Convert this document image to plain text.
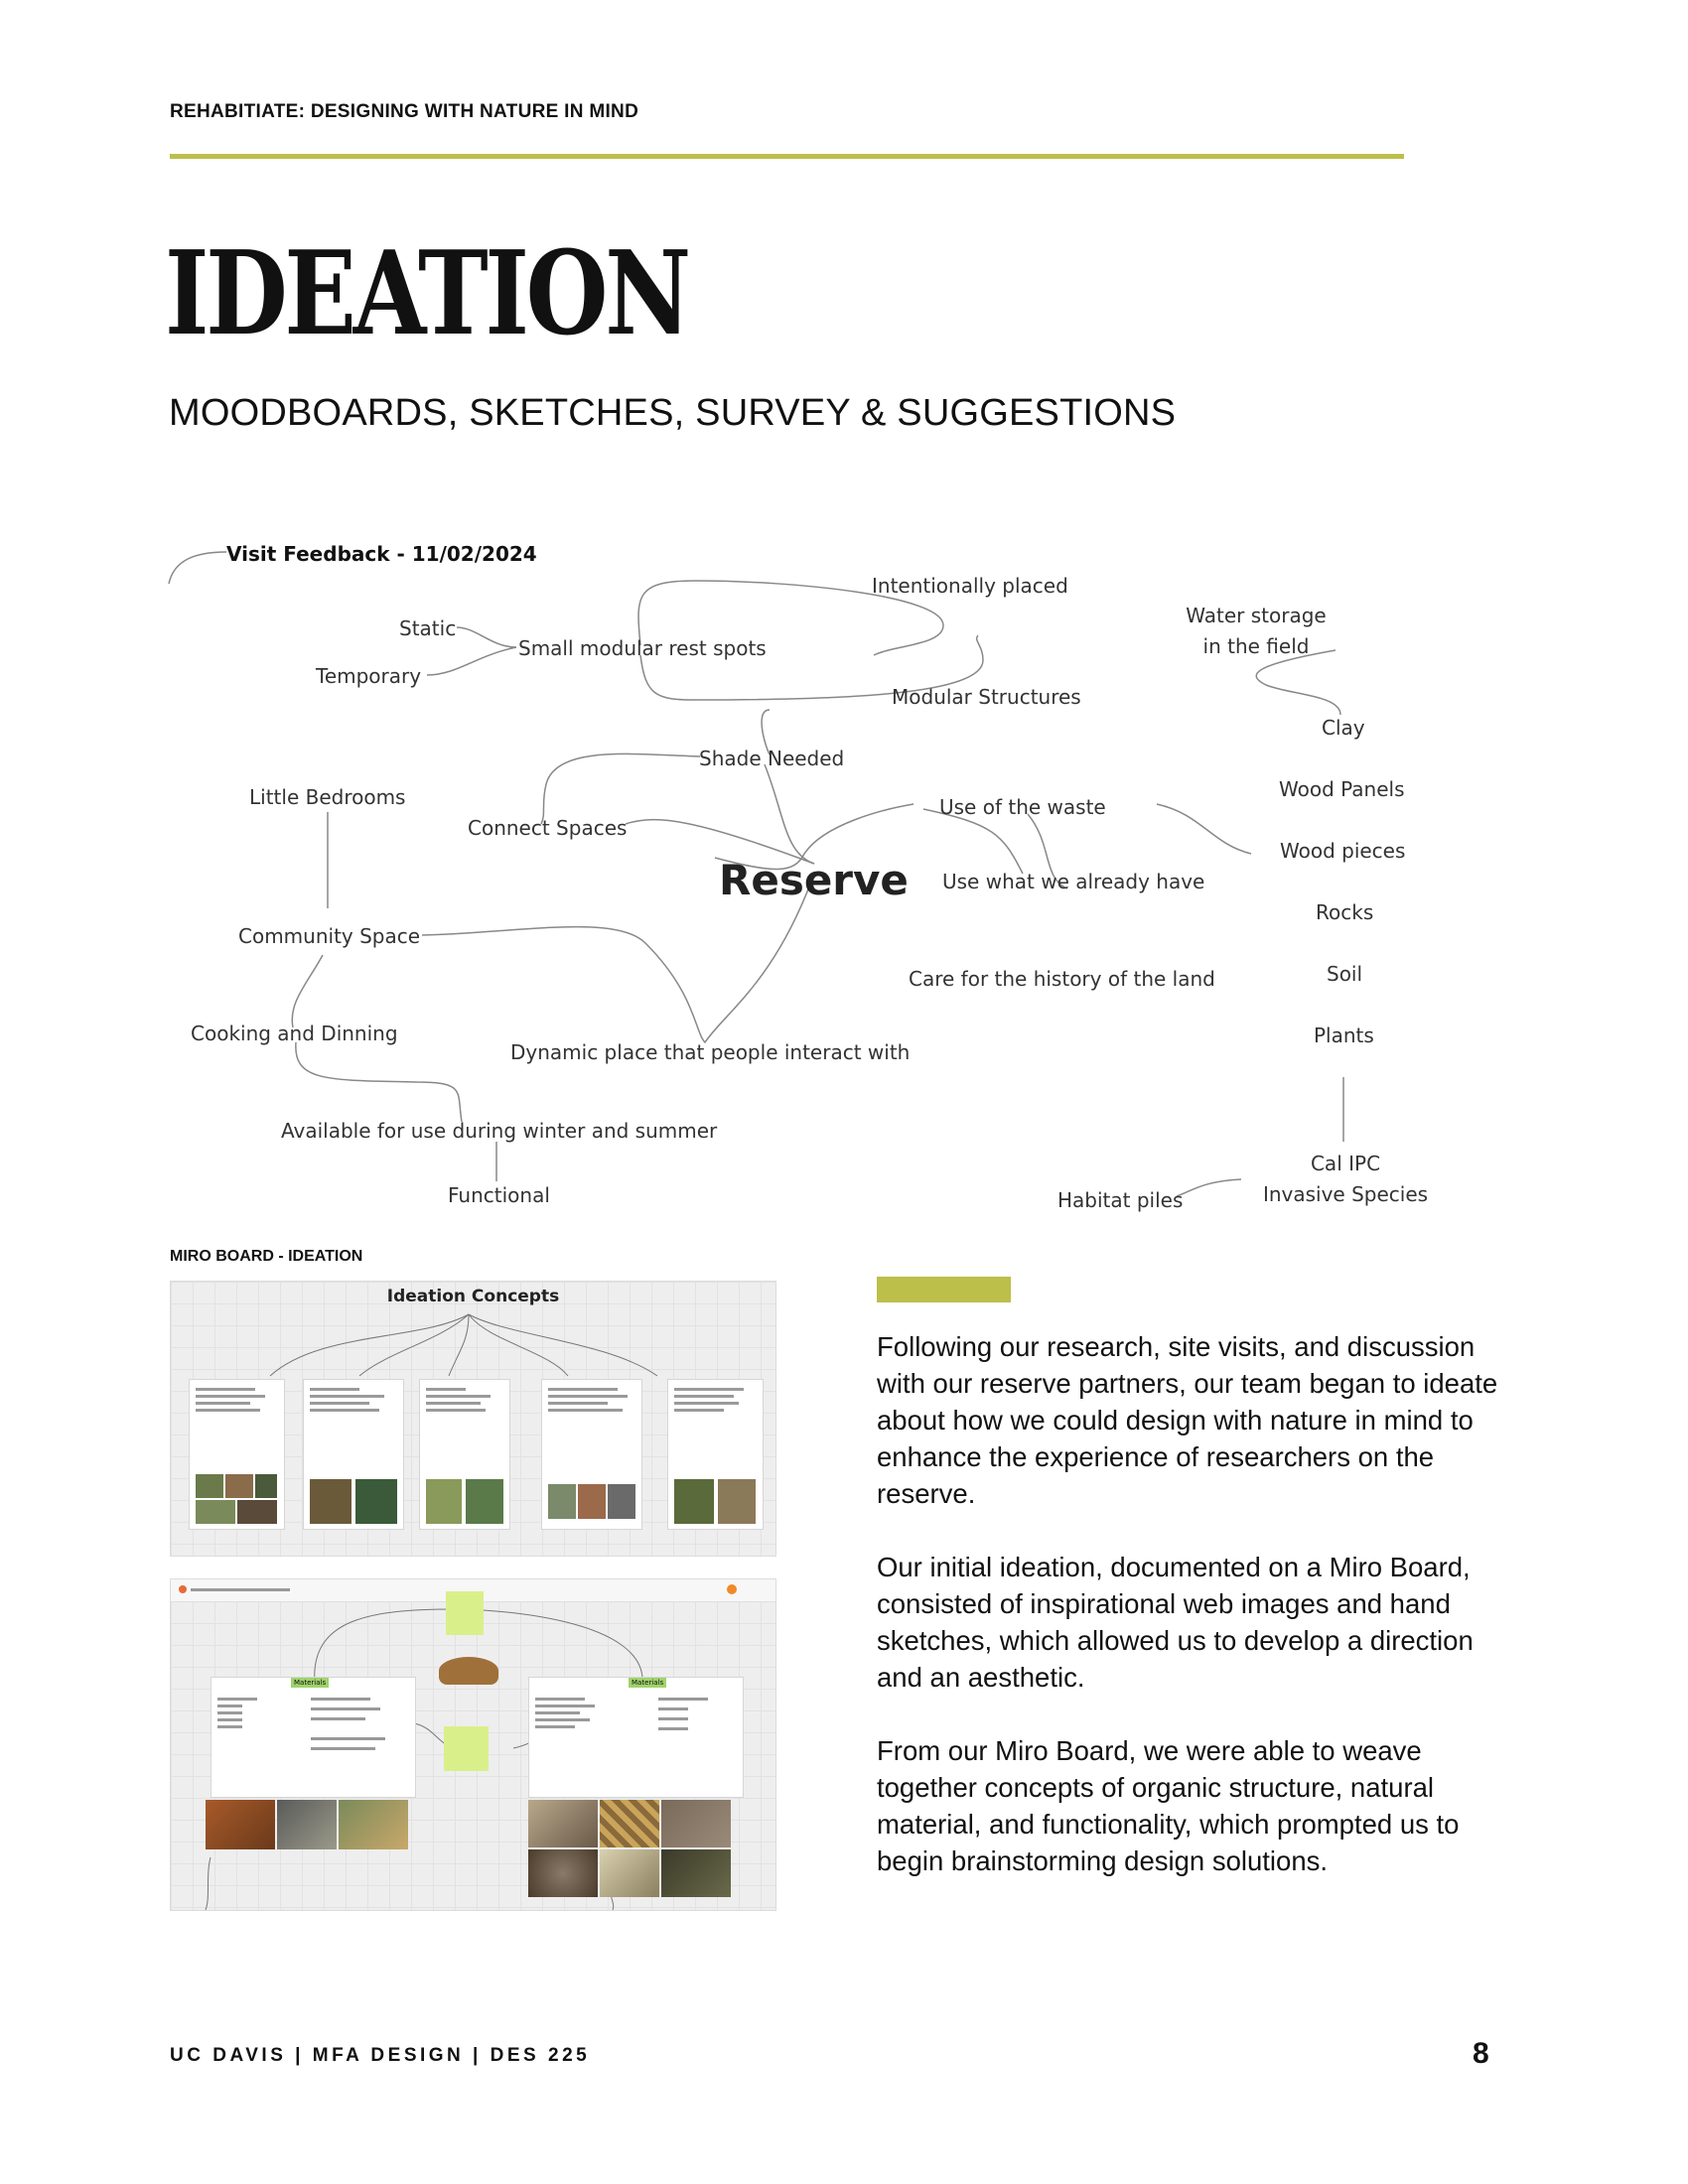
REHABITIATE: DESIGNING WITH NATURE IN MIND
IDEATION
MOODBOARDS, SKETCHES, SURVEY & SUGGESTIONS
Visit Feedback - 11/02/2024
Intentionally placed
Water storage
in the field
Static
Small modular rest spots
Temporary
Modular Structures
Clay
Shade Needed
Little Bedrooms	Wood Panels
Use of the waste
Connect Spaces
Wood pieces
Reserve Use what we already have
Rocks
Community Space
Soil
Care for the history of the land
Plants
Cooking and Dinning
Dynamic place that people interact with
Available for use during winter and summer
Cal IPC
Invasive Species
Habitat piles
Functional
MIRO BOARD - IDEATION
Ideation Concepts
Materials	Materials

Following our research, site visits, and discussion with our reserve partners, our team began to ideate about how we could design with nature in mind to enhance the experience of researchers on the reserve.

Our initial ideation, documented on a Miro Board, consisted of inspirational web images and hand sketches, which allowed us to develop a direction and an aesthetic.

From our Miro Board, we were able to weave together concepts of organic structure, natural material, and functionality, which prompted us to begin brainstorming design solutions.

UC DAVIS | MFA DESIGN | DES 225	8
